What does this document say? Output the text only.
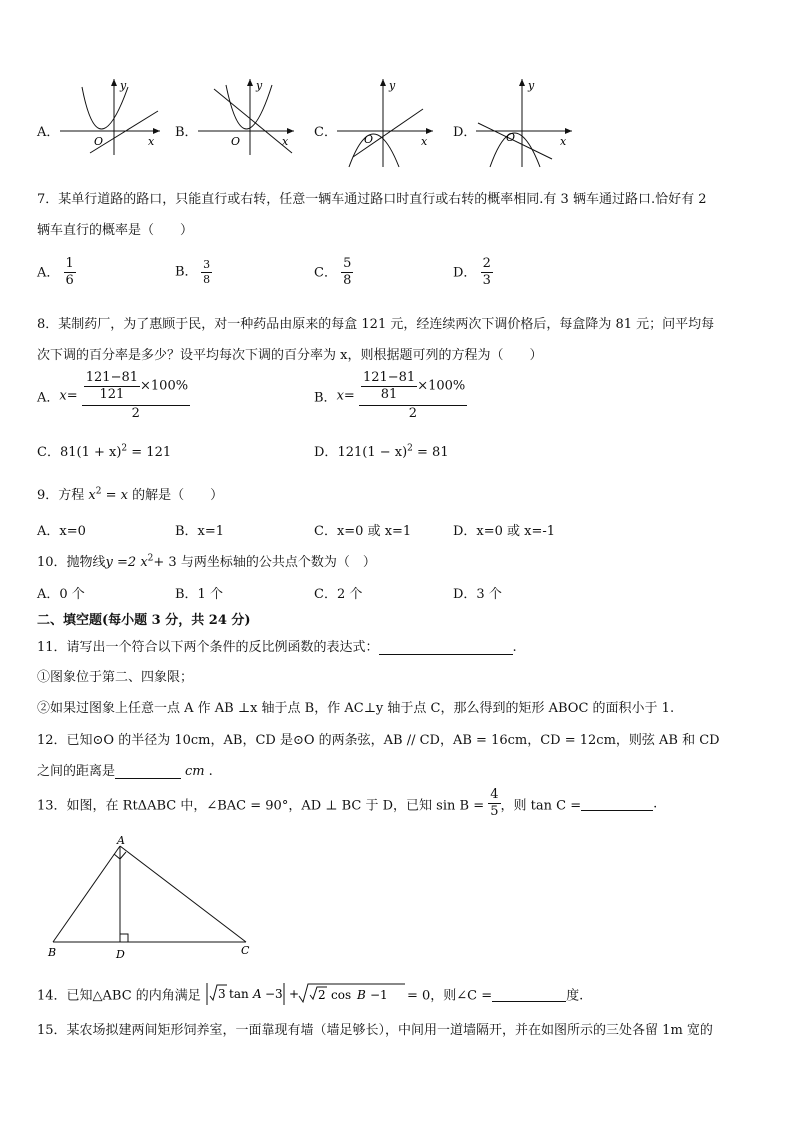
A．
y
x
O
B．
y
x
O
C．
y
x
O	D．
y
x
O
7．某单行道路的路口，只能直行或右转，任意一辆车通过路口时直行或右转的概率相同.有 3 辆车通过路口.恰好有 2
辆车直行的概率是（　　）
A． $\frac{1}{6}$	B． $\frac{3}{8}$	C． $\frac{5}{8}$	D． $\frac{2}{3}$
8．某制药厂，为了惠顾于民，对一种药品由原来的每盒 121 元，经连续两次下调价格后，每盒降为 81 元；问平均每
次下调的百分率是多少？设平均每次下调的百分率为 x，则根据题可列的方程为（　　）
A．$x= \frac{\frac{121-81}{121} \times 100\%}{2}$	B．$x= \frac{\frac{121-81}{81} \times 100\%}{2}$
C．$81(1 + x)^2 = 121$	D．$121(1 - x)^2 = 81$
9．方程 $x^2 = x$ 的解是（　　）
A．x=0	B．x=1	C．x=0 或 x=1	D．x=0 或 x=-1
10．抛物线y =2 $x^2+ 3$ 与两坐标轴的公共点个数为（　）
A．0 个	B．1 个	C．2 个	D．3 个
二、填空题(每小题 3 分，共 24 分)
11．请写出一个符合以下两个条件的反比例函数的表达式：	.
①图象位于第二、四象限；
②如果过图象上任意一点 A 作 AB ⊥x 轴于点 B，作 AC⊥y 轴于点 C，那么得到的矩形 ABOC 的面积小于 1.
12．已知⊙O 的半径为 10cm，AB，CD 是⊙O 的两条弦，AB // CD，AB = 16cm，CD = 12cm，则弦 AB 和 CD
之间的距离是	cm .
13．如图，在 RtΔABC 中，∠BAC = 90°，AD ⊥ BC 于 D，已知 $\sin B = \frac{4}{5}$ ，则 tan C =	.
A
B	C
D
14．已知△ABC 的内角满足 3 tan A −3 + 2 cos B −1 = 0，则∠C =	度.
15．某农场拟建两间矩形饲养室，一面靠现有墙（墙足够长），中间用一道墙隔开，并在如图所示的三处各留 1m 宽的
